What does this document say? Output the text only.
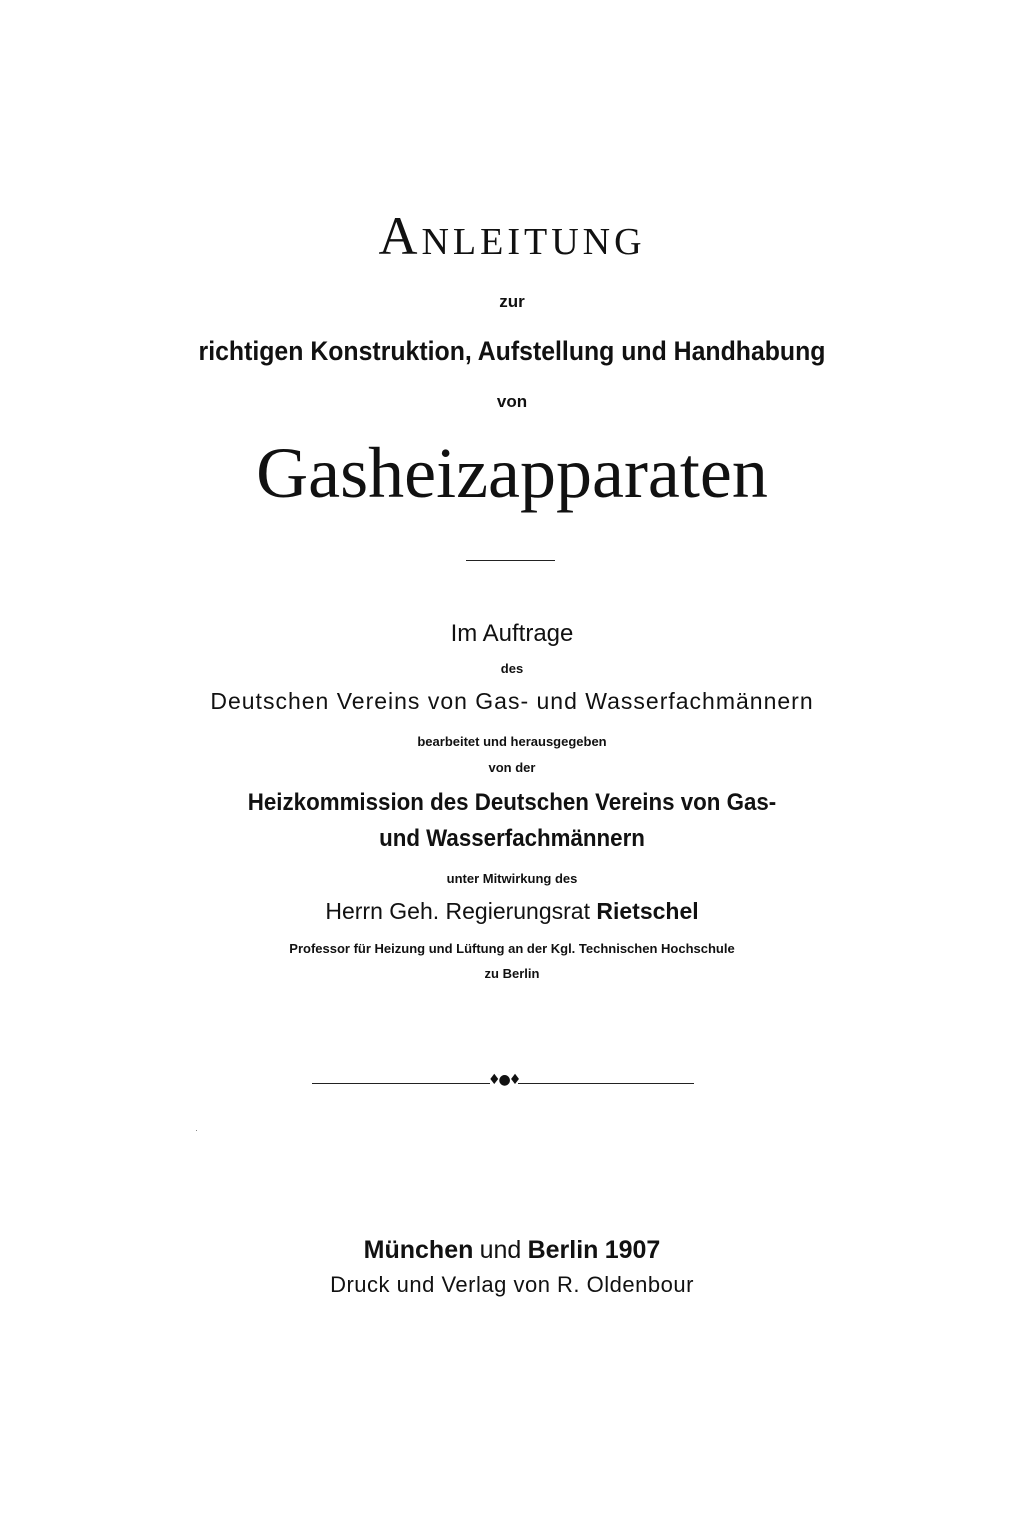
Anleitung
zur
richtigen Konstruktion, Aufstellung und Handhabung
von
Gasheizapparaten
Im Auftrage
des
Deutschen Vereins von Gas- und Wasserfachmännern
bearbeitet und herausgegeben
von der
Heizkommission des Deutschen Vereins von Gas-
und Wasserfachmännern
unter Mitwirkung des
Herrn Geh. Regierungsrat Rietschel
Professor für Heizung und Lüftung an der Kgl. Technischen Hochschule
zu Berlin
♦●♦
München und Berlin 1907
Druck und Verlag von R. Oldenbour
